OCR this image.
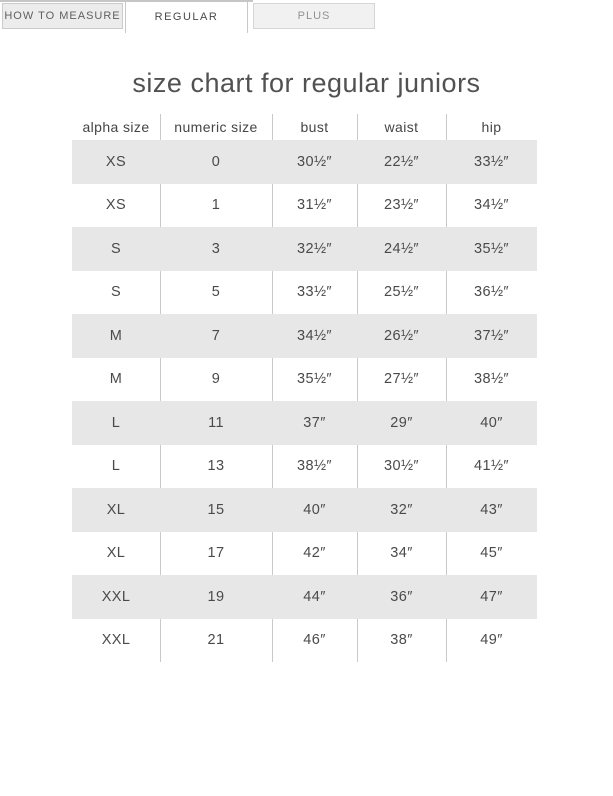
HOW TO MEASURE	REGULAR	PLUS
size chart for regular juniors
alpha size	numeric size	bust	waist	hip
XS	0	30½″	22½″	33½″
XS	1	31½″	23½″	34½″
S	3	32½″	24½″	35½″
S	5	33½″	25½″	36½″
M	7	34½″	26½″	37½″
M	9	35½″	27½″	38½″
L	11	37″	29″	40″
L	13	38½″	30½″	41½″
XL	15	40″	32″	43″
XL	17	42″	34″	45″
XXL	19	44″	36″	47″
XXL	21	46″	38″	49″
